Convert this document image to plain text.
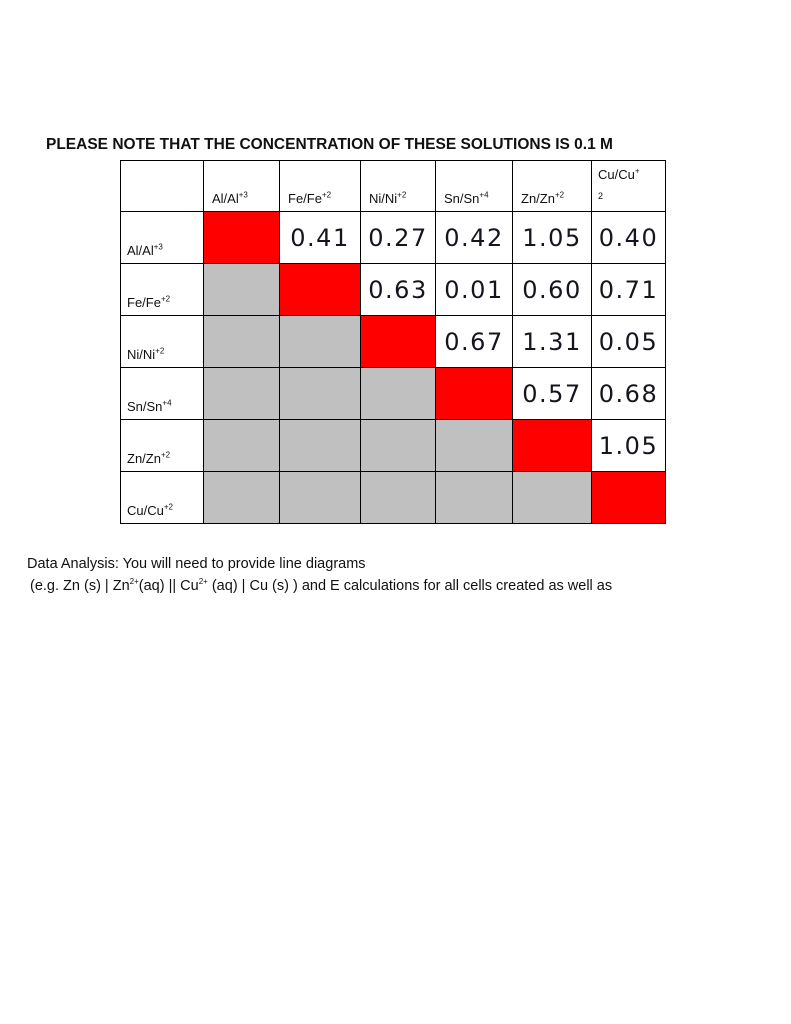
PLEASE NOTE THAT THE CONCENTRATION OF THESE SOLUTIONS IS 0.1 M

	$Al/Al^{+3}$	$Fe/Fe^{+2}$	$Ni/Ni^{+2}$	$Sn/Sn^{+4}$	$Zn/Zn^{+2}$	Cu/Cu+
2

$Al/Al^{+3}$		0.41	0.27	0.42	1.05	0.40

$Fe/Fe^{+2}$			0.63	0.01	0.60	0.71

$Ni/Ni^{+2}$				0.67	1.31	0.05

$Sn/Sn^{+4}$					0.57	0.68

$Zn/Zn^{+2}$						1.05

$Cu/Cu^{+2}$

Data Analysis: You will need to provide line diagrams
(e.g. Zn (s) | $Zn^{2+}(aq)$ || $Cu^{2+}$ (aq) | Cu (s) ) and E calculations for all cells created as well as
